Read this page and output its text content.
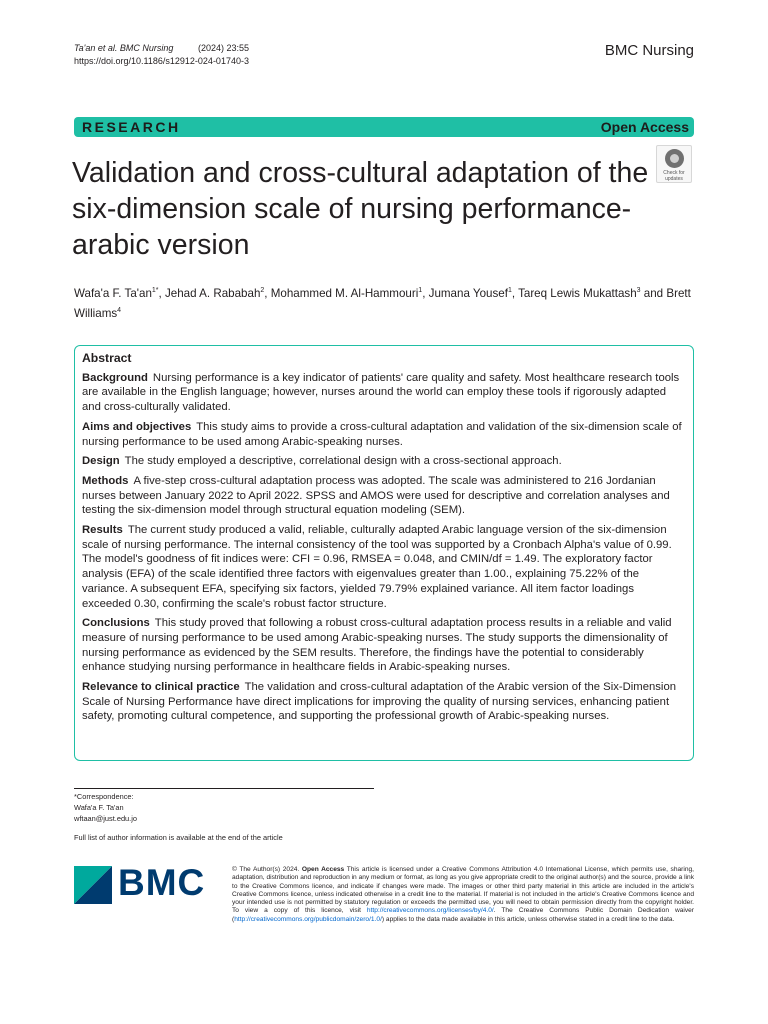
Ta'an et al. BMC Nursing	(2024) 23:55
https://doi.org/10.1186/s12912-024-01740-3
BMC Nursing
RESEARCH	Open Access
Validation and cross-cultural adaptation of the six-dimension scale of nursing performance-arabic version
Check for
updates
Wafa'a F. $Ta'an^{1*}$, Jehad A. Rababah$^2$, Mohammed M. Al-Hammouri$^1$, Jumana Yousef$^1$, Tareq Lewis Mukattash$^3$ and Brett Williams$^4$
Abstract
Background Nursing performance is a key indicator of patients' care quality and safety. Most healthcare research tools are available in the English language; however, nurses around the world can employ these tools if rigorously adapted and cross-culturally validated.
Aims and objectives This study aims to provide a cross-cultural adaptation and validation of the six-dimension scale of nursing performance to be used among Arabic-speaking nurses.
Design The study employed a descriptive, correlational design with a cross-sectional approach.
Methods A five-step cross-cultural adaptation process was adopted. The scale was administered to 216 Jordanian nurses between January 2022 to April 2022. SPSS and AMOS were used for descriptive and correlation analyses and testing the six-dimension model through structural equation modeling (SEM).
Results The current study produced a valid, reliable, culturally adapted Arabic language version of the six-dimension scale of nursing performance. The internal consistency of the tool was supported by a Cronbach Alpha's value of 0.99. The model's goodness of fit indices were: CFI = 0.96, RMSEA = 0.048, and CMIN/df = 1.49. The exploratory factor analysis (EFA) of the scale identified three factors with eigenvalues greater than 1.00., explaining 75.22% of the variance. A subsequent EFA, specifying six factors, yielded 79.79% explained variance. All item factor loadings exceeded 0.30, confirming the scale's robust factor structure.
Conclusions This study proved that following a robust cross-cultural adaptation process results in a reliable and valid measure of nursing performance to be used among Arabic-speaking nurses. The study supports the dimensionality of nursing performance as evidenced by the SEM results. Therefore, the findings have the potential to considerably enhance studying nursing performance in healthcare fields in Arabic-speaking nurses.
Relevance to clinical practice The validation and cross-cultural adaptation of the Arabic version of the Six-Dimension Scale of Nursing Performance have direct implications for improving the quality of nursing services, enhancing patient safety, promoting cultural competence, and supporting the professional growth of Arabic-speaking nurses.
*Correspondence:
Wafa'a F. Ta'an
wftaan@just.edu.jo
Full list of author information is available at the end of the article
BMC	© The Author(s) 2024. Open Access This article is licensed under a Creative Commons Attribution 4.0 International License, which permits use, sharing, adaptation, distribution and reproduction in any medium or format, as long as you give appropriate credit to the original author(s) and the source, provide a link to the Creative Commons licence, and indicate if changes were made. The images or other third party material in this article are included in the article's Creative Commons licence, unless indicated otherwise in a credit line to the material. If material is not included in the article's Creative Commons licence and your intended use is not permitted by statutory regulation or exceeds the permitted use, you will need to obtain permission directly from the copyright holder. To view a copy of this licence, visit http://creativecommons.org/licenses/by/4.0/. The Creative Commons Public Domain Dedication waiver (http://creativecommons.org/publicdomain/zero/1.0/) applies to the data made available in this article, unless otherwise stated in a credit line to the data.
